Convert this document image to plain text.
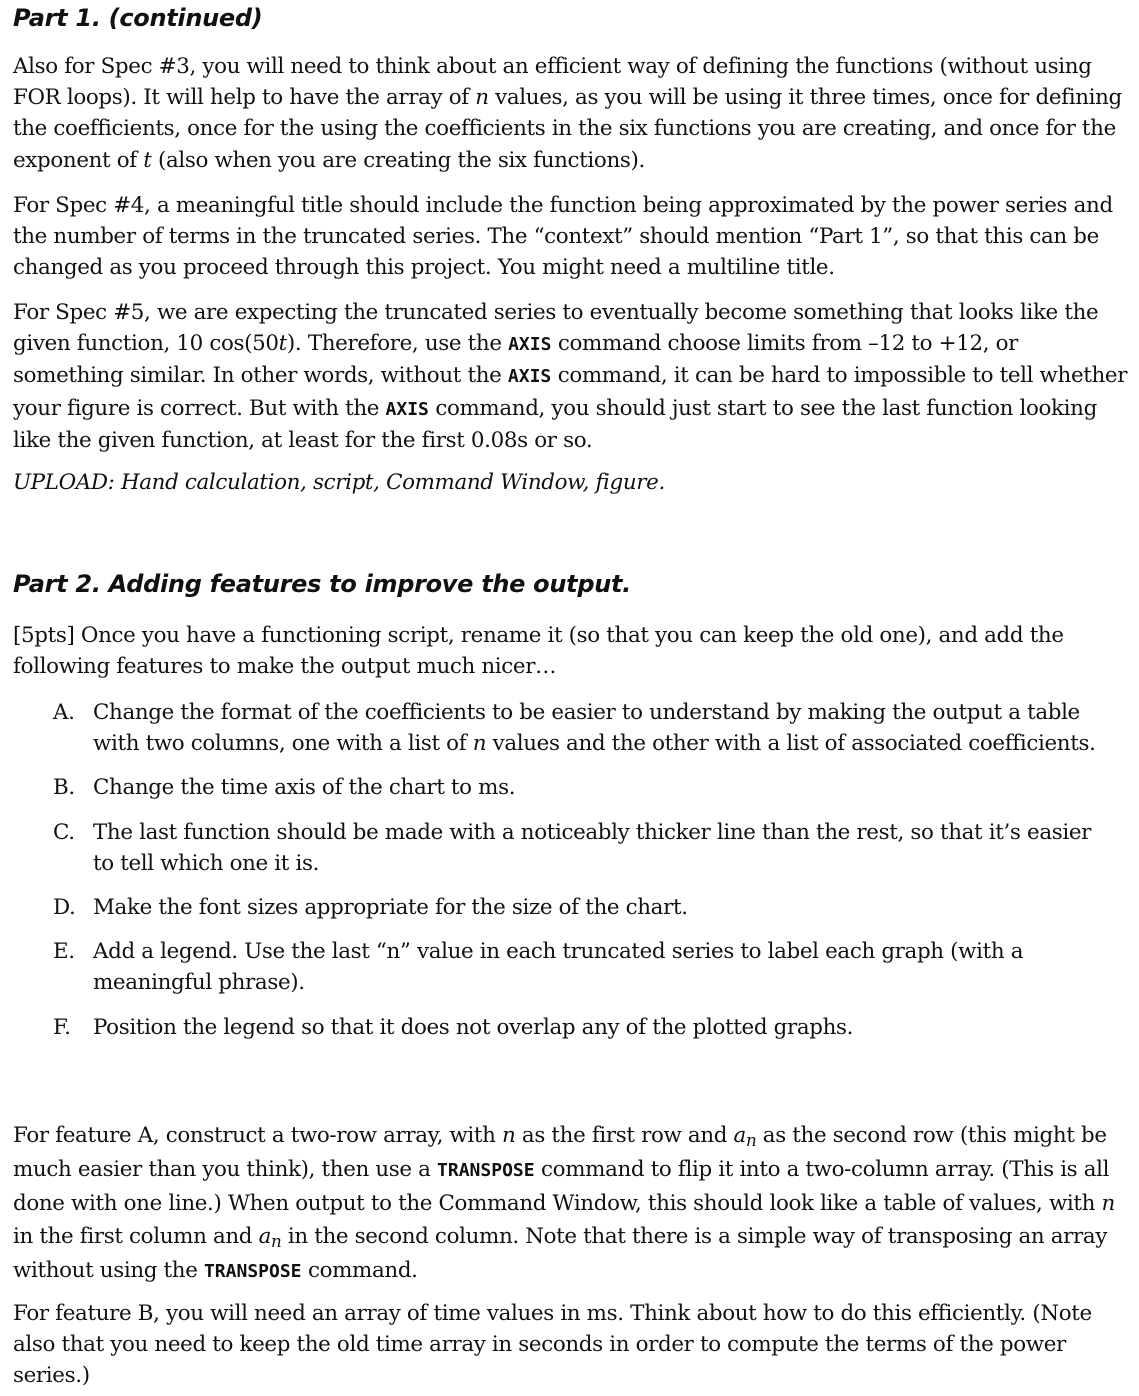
Part 1. (continued)

Also for Spec #3, you will need to think about an efficient way of defining the functions (without using FOR loops). It will help to have the array of n values, as you will be using it three times, once for defining the coefficients, once for the using the coefficients in the six functions you are creating, and once for the exponent of t (also when you are creating the six functions).

For Spec #4, a meaningful title should include the function being approximated by the power series and the number of terms in the truncated series. The “context” should mention “Part 1”, so that this can be changed as you proceed through this project. You might need a multiline title.

For Spec #5, we are expecting the truncated series to eventually become something that looks like the given function, 10 cos(50t). Therefore, use the AXIS command choose limits from –12 to +12, or something similar. In other words, without the AXIS command, it can be hard to impossible to tell whether your figure is correct. But with the AXIS command, you should just start to see the last function looking like the given function, at least for the first 0.08s or so.

UPLOAD: Hand calculation, script, Command Window, figure.

Part 2. Adding features to improve the output.

[5pts] Once you have a functioning script, rename it (so that you can keep the old one), and add the following features to make the output much nicer…

A. Change the format of the coefficients to be easier to understand by making the output a table with two columns, one with a list of n values and the other with a list of associated coefficients.
B. Change the time axis of the chart to ms.
C. The last function should be made with a noticeably thicker line than the rest, so that it’s easier to tell which one it is.
D. Make the font sizes appropriate for the size of the chart.
E. Add a legend. Use the last “n” value in each truncated series to label each graph (with a meaningful phrase).
F.	Position the legend so that it does not overlap any of the plotted graphs.

For feature A, construct a two-row array, with n as the first row and an as the second row (this might be much easier than you think), then use a TRANSPOSE command to flip it into a two-column array. (This is all done with one line.) When output to the Command Window, this should look like a table of values, with n in the first column and an in the second column. Note that there is a simple way of transposing an array without using the TRANSPOSE command.

For feature B, you will need an array of time values in ms. Think about how to do this efficiently. (Note also that you need to keep the old time array in seconds in order to compute the terms of the power series.)
